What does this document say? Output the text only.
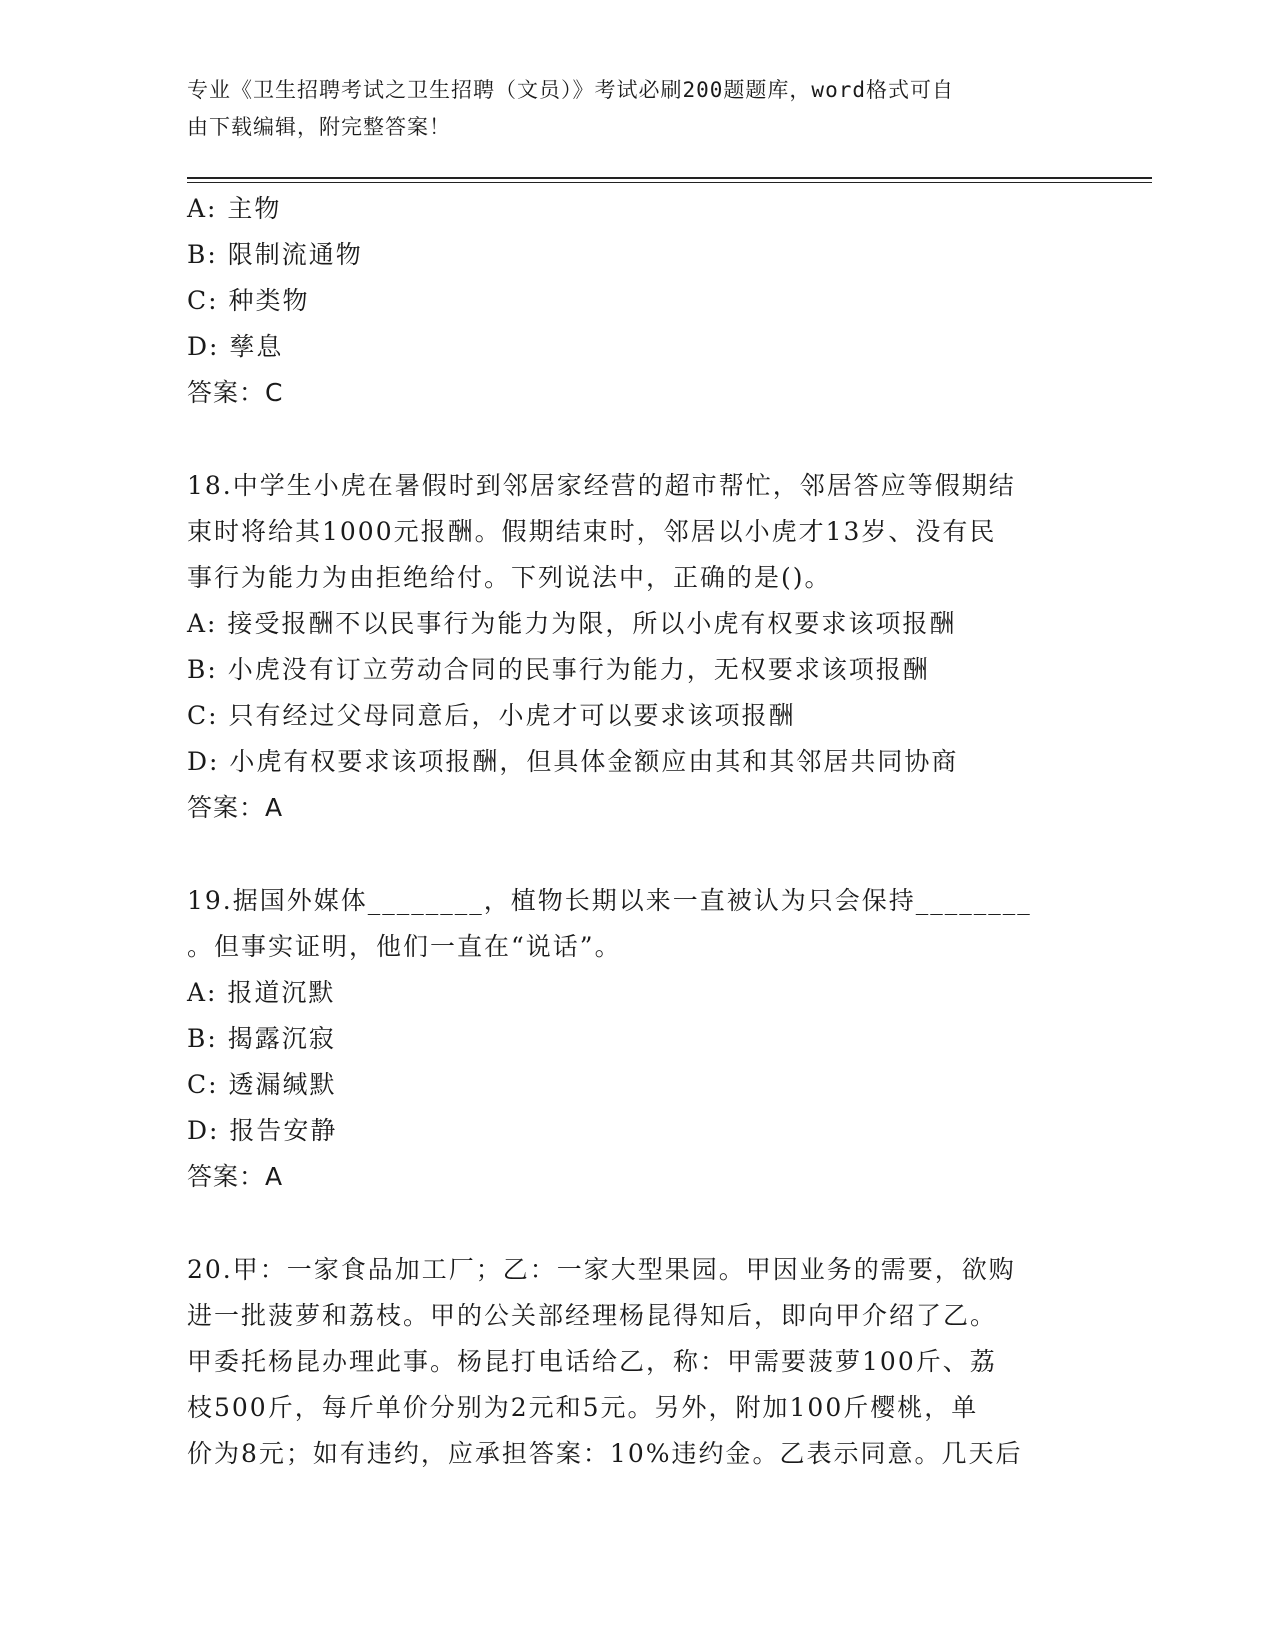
专业《卫生招聘考试之卫生招聘（文员）》考试必刷200题题库，word格式可自
由下载编辑，附完整答案！
A: 主物
B: 限制流通物
C: 种类物
D: 孳息
答案：C
18.中学生小虎在暑假时到邻居家经营的超市帮忙，邻居答应等假期结
束时将给其1000元报酬。假期结束时，邻居以小虎才13岁、没有民
事行为能力为由拒绝给付。下列说法中，正确的是()。
A: 接受报酬不以民事行为能力为限，所以小虎有权要求该项报酬
B: 小虎没有订立劳动合同的民事行为能力，无权要求该项报酬
C: 只有经过父母同意后，小虎才可以要求该项报酬
D: 小虎有权要求该项报酬，但具体金额应由其和其邻居共同协商
答案：A
19.据国外媒体________，植物长期以来一直被认为只会保持________
。但事实证明，他们一直在“说话”。
A: 报道沉默
B: 揭露沉寂
C: 透漏缄默
D: 报告安静
答案：A
20.甲：一家食品加工厂；乙：一家大型果园。甲因业务的需要，欲购
进一批菠萝和荔枝。甲的公关部经理杨昆得知后，即向甲介绍了乙。
甲委托杨昆办理此事。杨昆打电话给乙，称：甲需要菠萝100斤、荔
枝500斤，每斤单价分别为2元和5元。另外，附加100斤樱桃，单
价为8元；如有违约，应承担答案：10%违约金。乙表示同意。几天后
